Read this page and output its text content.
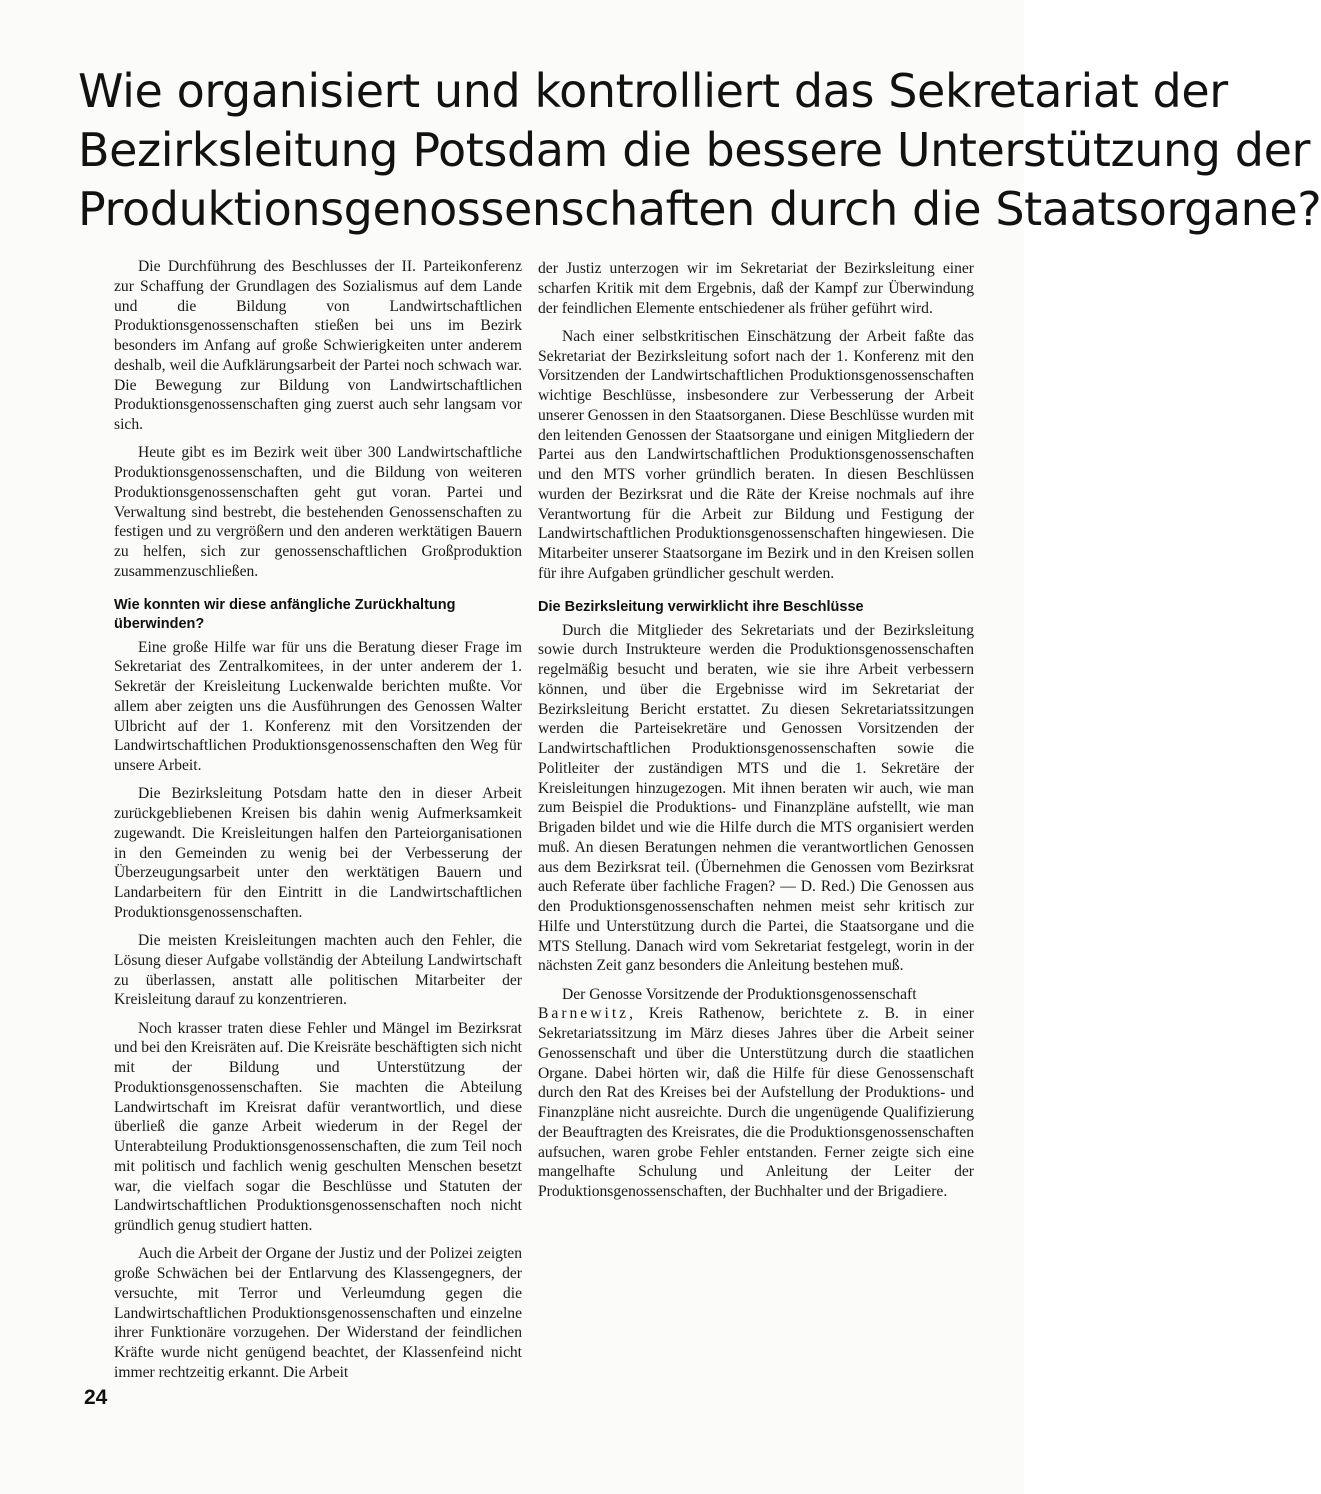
Wie organisiert und kontrolliert das Sekretariat der
Bezirksleitung Potsdam die bessere Unterstützung der
Produktionsgenossenschaften durch die Staatsorgane?

Die Durchführung des Beschlusses der II. Parteikonferenz zur Schaffung der Grundlagen des Sozialismus auf dem Lande und die Bildung von Landwirtschaftlichen Produktionsgenossenschaften stießen bei uns im Bezirk besonders im Anfang auf große Schwierigkeiten unter anderem deshalb, weil die Aufklärungsarbeit der Partei noch schwach war. Die Bewegung zur Bildung von Landwirtschaftlichen Produktionsgenossenschaften ging zuerst auch sehr langsam vor sich.

Heute gibt es im Bezirk weit über 300 Landwirtschaftliche Produktionsgenossenschaften, und die Bildung von weiteren Produktionsgenossenschaften geht gut voran. Partei und Verwaltung sind bestrebt, die bestehenden Genossenschaften zu festigen und zu vergrößern und den anderen werktätigen Bauern zu helfen, sich zur genossenschaftlichen Großproduktion zusammenzuschließen.

Wie konnten wir diese anfängliche Zurückhaltung überwinden?

Eine große Hilfe war für uns die Beratung dieser Frage im Sekretariat des Zentralkomitees, in der unter anderem der 1. Sekretär der Kreisleitung Luckenwalde berichten mußte. Vor allem aber zeigten uns die Ausführungen des Genossen Walter Ulbricht auf der 1. Konferenz mit den Vorsitzenden der Landwirtschaftlichen Produktionsgenossenschaften den Weg für unsere Arbeit.

Die Bezirksleitung Potsdam hatte den in dieser Arbeit zurückgebliebenen Kreisen bis dahin wenig Aufmerksamkeit zugewandt. Die Kreisleitungen halfen den Parteiorganisationen in den Gemeinden zu wenig bei der Verbesserung der Überzeugungsarbeit unter den werktätigen Bauern und Landarbeitern für den Eintritt in die Landwirtschaftlichen Produktionsgenossenschaften.

Die meisten Kreisleitungen machten auch den Fehler, die Lösung dieser Aufgabe vollständig der Abteilung Landwirtschaft zu überlassen, anstatt alle politischen Mitarbeiter der Kreisleitung darauf zu konzentrieren.

Noch krasser traten diese Fehler und Mängel im Bezirksrat und bei den Kreisräten auf. Die Kreisräte beschäftigten sich nicht mit der Bildung und Unterstützung der Produktionsgenossenschaften. Sie machten die Abteilung Landwirtschaft im Kreisrat dafür verantwortlich, und diese überließ die ganze Arbeit wiederum in der Regel der Unterabteilung Produktionsgenossenschaften, die zum Teil noch mit politisch und fachlich wenig geschulten Menschen besetzt war, die vielfach sogar die Beschlüsse und Statuten der Landwirtschaftlichen Produktionsgenossenschaften noch nicht gründlich genug studiert hatten.

Auch die Arbeit der Organe der Justiz und der Polizei zeigten große Schwächen bei der Entlarvung des Klassengegners, der versuchte, mit Terror und Verleumdung gegen die Landwirtschaftlichen Produktionsgenossenschaften und einzelne ihrer Funktionäre vorzugehen. Der Widerstand der feindlichen Kräfte wurde nicht genügend beachtet, der Klassenfeind nicht immer rechtzeitig erkannt. Die Arbeit

der Justiz unterzogen wir im Sekretariat der Bezirksleitung einer scharfen Kritik mit dem Ergebnis, daß der Kampf zur Überwindung der feindlichen Elemente entschiedener als früher geführt wird.

Nach einer selbstkritischen Einschätzung der Arbeit faßte das Sekretariat der Bezirksleitung sofort nach der 1. Konferenz mit den Vorsitzenden der Landwirtschaftlichen Produktionsgenossenschaften wichtige Beschlüsse, insbesondere zur Verbesserung der Arbeit unserer Genossen in den Staatsorganen. Diese Beschlüsse wurden mit den leitenden Genossen der Staatsorgane und einigen Mitgliedern der Partei aus den Landwirtschaftlichen Produktionsgenossenschaften und den MTS vorher gründlich beraten. In diesen Beschlüssen wurden der Bezirksrat und die Räte der Kreise nochmals auf ihre Verantwortung für die Arbeit zur Bildung und Festigung der Landwirtschaftlichen Produktionsgenossenschaften hingewiesen. Die Mitarbeiter unserer Staatsorgane im Bezirk und in den Kreisen sollen für ihre Aufgaben gründlicher geschult werden.

Die Bezirksleitung verwirklicht ihre Beschlüsse

Durch die Mitglieder des Sekretariats und der Bezirksleitung sowie durch Instrukteure werden die Produktionsgenossenschaften regelmäßig besucht und beraten, wie sie ihre Arbeit verbessern können, und über die Ergebnisse wird im Sekretariat der Bezirksleitung Bericht erstattet. Zu diesen Sekretariatssitzungen werden die Parteisekretäre und Genossen Vorsitzenden der Landwirtschaftlichen Produktionsgenossenschaften sowie die Politleiter der zuständigen MTS und die 1. Sekretäre der Kreisleitungen hinzugezogen. Mit ihnen beraten wir auch, wie man zum Beispiel die Produktions- und Finanzpläne aufstellt, wie man Brigaden bildet und wie die Hilfe durch die MTS organisiert werden muß. An diesen Beratungen nehmen die verantwortlichen Genossen aus dem Bezirksrat teil. (Übernehmen die Genossen vom Bezirksrat auch Referate über fachliche Fragen? — D. Red.) Die Genossen aus den Produktionsgenossenschaften nehmen meist sehr kritisch zur Hilfe und Unterstützung durch die Partei, die Staatsorgane und die MTS Stellung. Danach wird vom Sekretariat festgelegt, worin in der nächsten Zeit ganz besonders die Anleitung bestehen muß.

Der Genosse Vorsitzende der Produktionsgenossenschaft
Barnewitz, Kreis Rathenow, berichtete z. B. in einer Sekretariatssitzung im März dieses Jahres über die Arbeit seiner Genossenschaft und über die Unterstützung durch die staatlichen Organe. Dabei hörten wir, daß die Hilfe für diese Genossenschaft durch den Rat des Kreises bei der Aufstellung der Produktions- und Finanzpläne nicht ausreichte. Durch die ungenügende Qualifizierung der Beauftragten des Kreisrates, die die Produktionsgenossenschaften aufsuchen, waren grobe Fehler entstanden. Ferner zeigte sich eine mangelhafte Schulung und Anleitung der Leiter der Produktionsgenossenschaften, der Buchhalter und der Brigadiere.

24
